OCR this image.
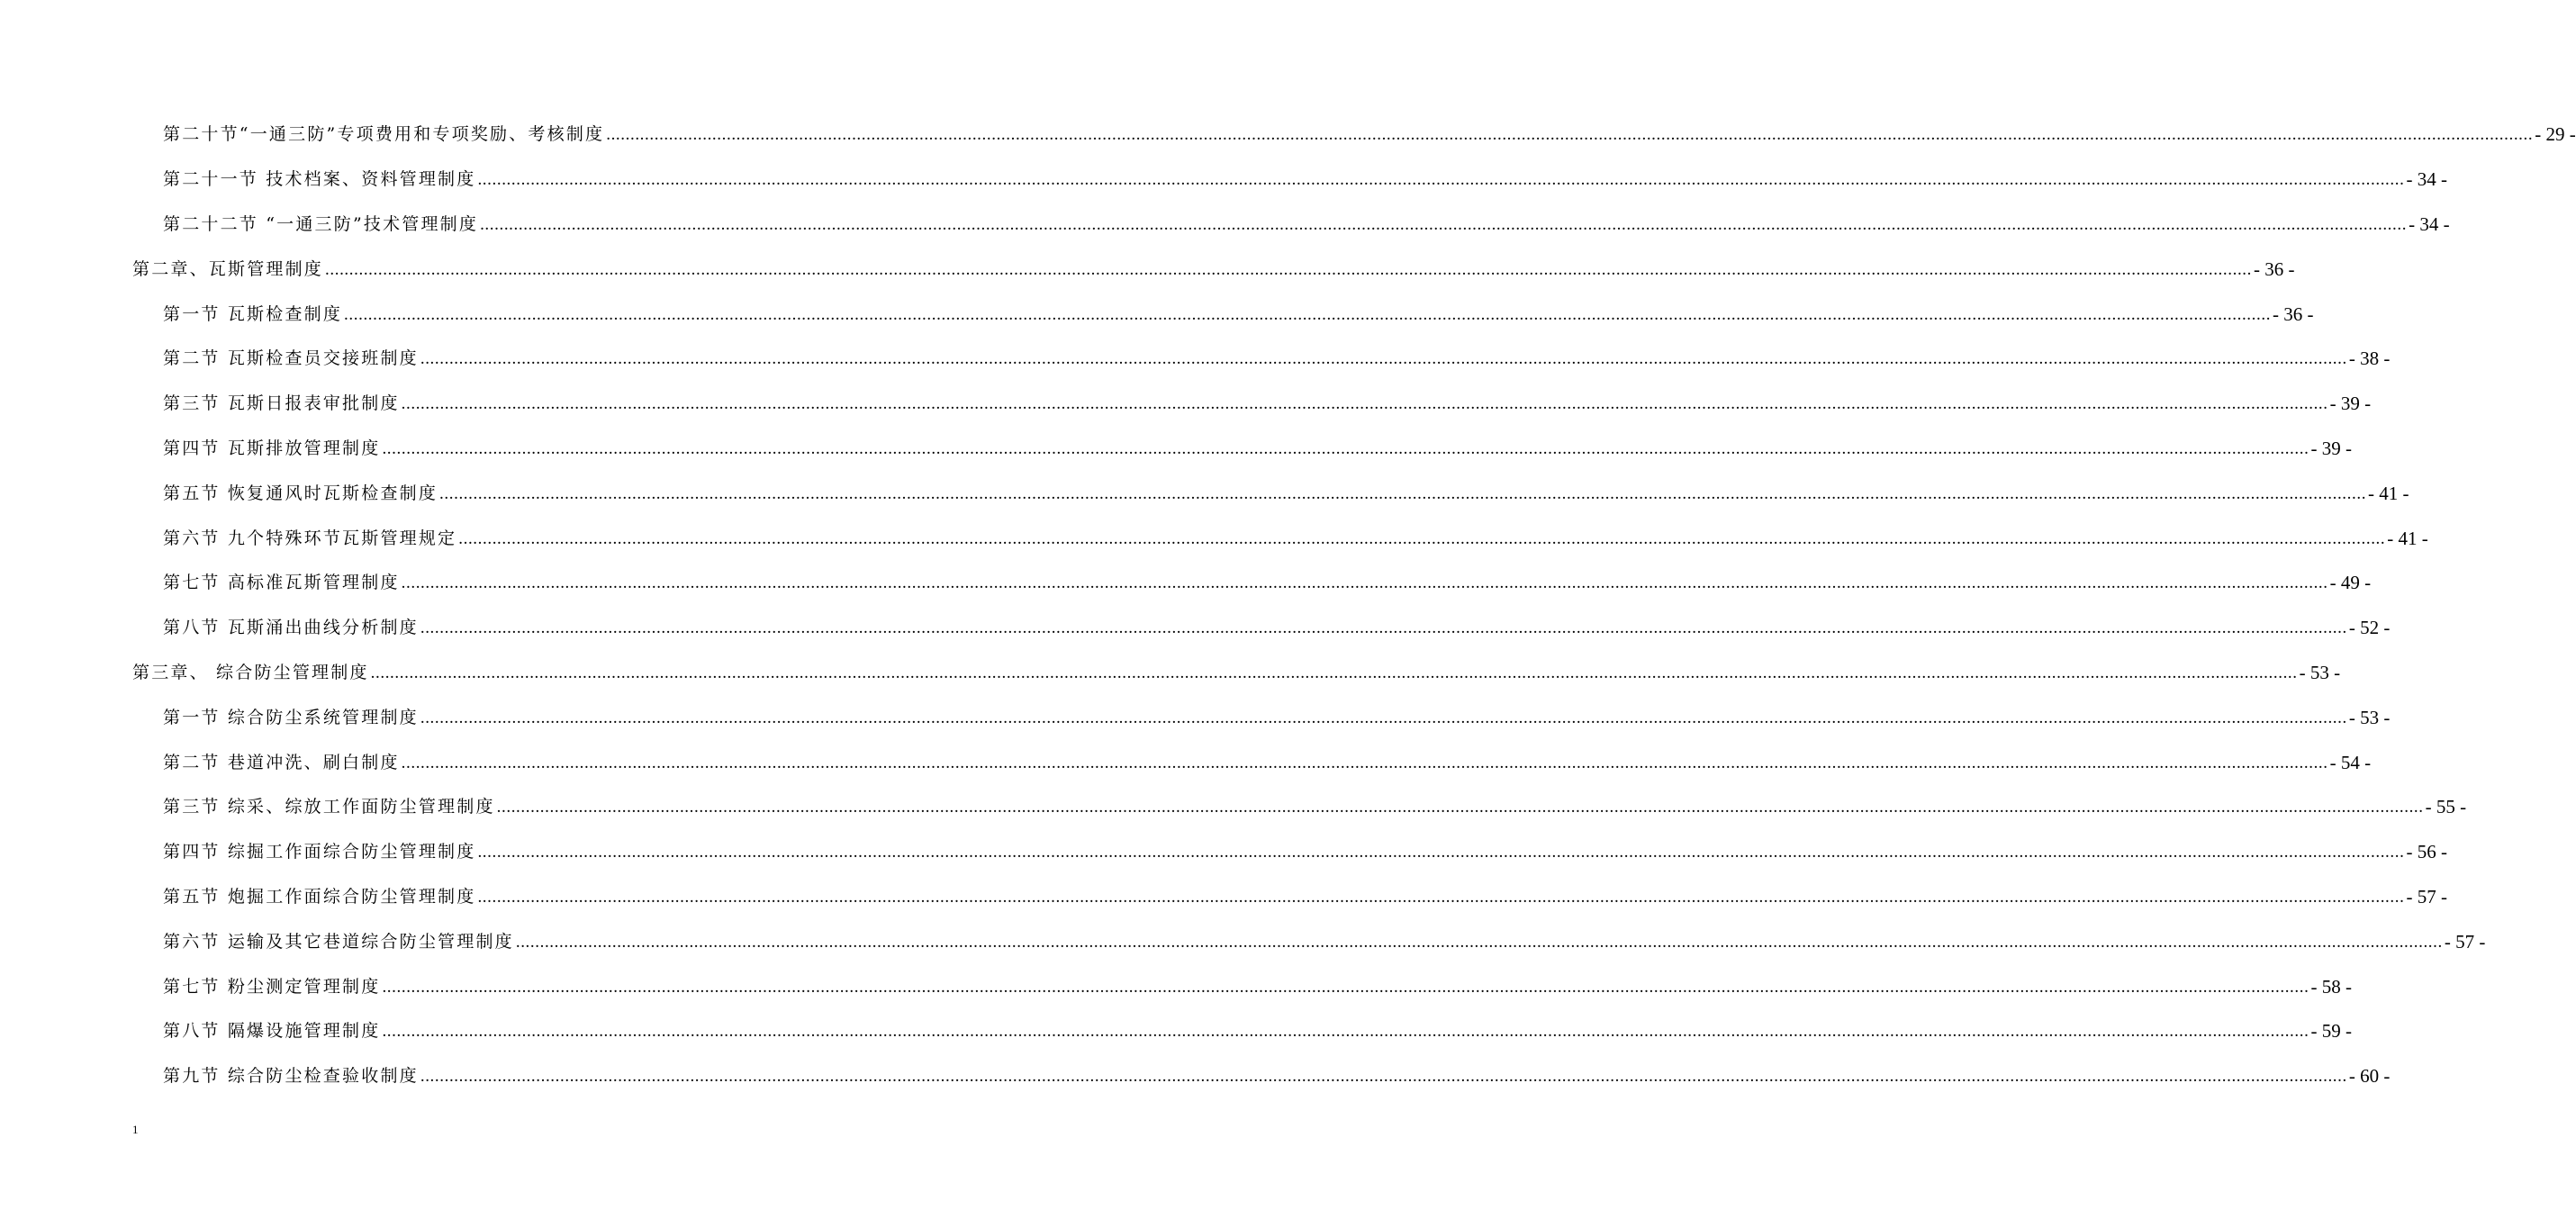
第二十节“一通三防”专项费用和专项奖励、考核制度 ................................................................................................................................................................................................................................................................................................................................................................................................................ - 29 -
第二十一节 技术档案、资料管理制度 ................................................................................................................................................................................................................................................................................................................................................................................................................ - 34 -
第二十二节 “一通三防”技术管理制度 ................................................................................................................................................................................................................................................................................................................................................................................................................ - 34 -
第二章、瓦斯管理制度 ................................................................................................................................................................................................................................................................................................................................................................................................................ - 36 -
第一节 瓦斯检查制度 ................................................................................................................................................................................................................................................................................................................................................................................................................ - 36 -
第二节 瓦斯检查员交接班制度 ................................................................................................................................................................................................................................................................................................................................................................................................................ - 38 -
第三节 瓦斯日报表审批制度 ................................................................................................................................................................................................................................................................................................................................................................................................................ - 39 -
第四节 瓦斯排放管理制度 ................................................................................................................................................................................................................................................................................................................................................................................................................ - 39 -
第五节 恢复通风时瓦斯检查制度 ................................................................................................................................................................................................................................................................................................................................................................................................................ - 41 -
第六节 九个特殊环节瓦斯管理规定 ................................................................................................................................................................................................................................................................................................................................................................................................................ - 41 -
第七节 高标准瓦斯管理制度 ................................................................................................................................................................................................................................................................................................................................................................................................................ - 49 -
第八节 瓦斯涌出曲线分析制度 ................................................................................................................................................................................................................................................................................................................................................................................................................ - 52 -
第三章、 综合防尘管理制度 ................................................................................................................................................................................................................................................................................................................................................................................................................ - 53 -
第一节 综合防尘系统管理制度 ................................................................................................................................................................................................................................................................................................................................................................................................................ - 53 -
第二节 巷道冲洗、刷白制度 ................................................................................................................................................................................................................................................................................................................................................................................................................ - 54 -
第三节 综采、综放工作面防尘管理制度 ................................................................................................................................................................................................................................................................................................................................................................................................................ - 55 -
第四节 综掘工作面综合防尘管理制度 ................................................................................................................................................................................................................................................................................................................................................................................................................ - 56 -
第五节 炮掘工作面综合防尘管理制度 ................................................................................................................................................................................................................................................................................................................................................................................................................ - 57 -
第六节 运输及其它巷道综合防尘管理制度 ................................................................................................................................................................................................................................................................................................................................................................................................................ - 57 -
第七节 粉尘测定管理制度 ................................................................................................................................................................................................................................................................................................................................................................................................................ - 58 -
第八节 隔爆设施管理制度 ................................................................................................................................................................................................................................................................................................................................................................................................................ - 59 -
第九节 综合防尘检查验收制度 ................................................................................................................................................................................................................................................................................................................................................................................................................ - 60 -
1
